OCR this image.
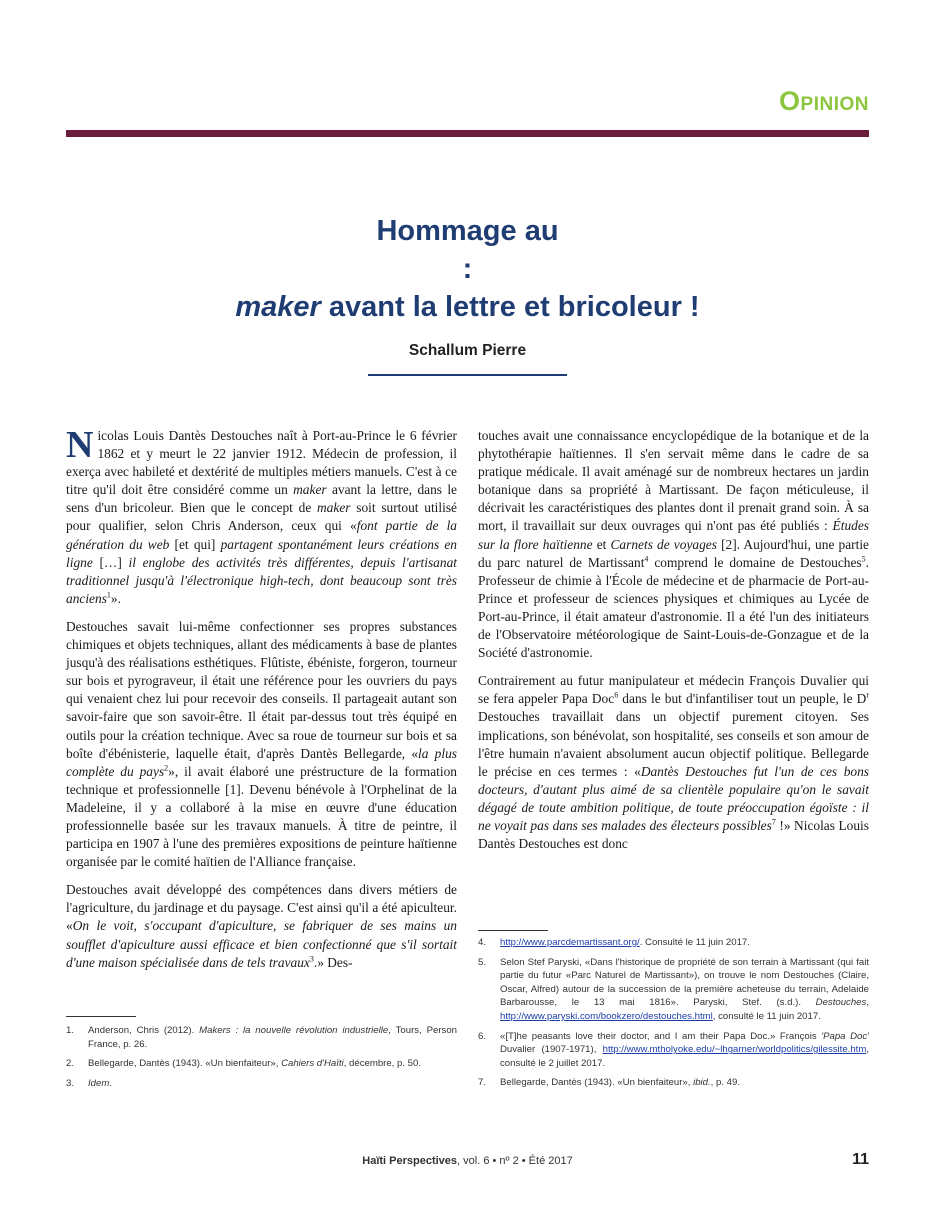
Opinion
Hommage au
:
maker avant la lettre et bricoleur !
Schallum Pierre

Nicolas Louis Dantès Destouches naît à Port-au-Prince le 6 février 1862 et y meurt le 22 janvier 1912. Médecin de profession, il exerça avec habileté et dextérité de multiples métiers manuels. C'est à ce titre qu'il doit être considéré comme un maker avant la lettre, dans le sens d'un bricoleur. Bien que le concept de maker soit surtout utilisé pour qualifier, selon Chris Anderson, ceux qui «font partie de la génération du web [et qui] partagent spontanément leurs créations en ligne […] il englobe des activités très différentes, depuis l'artisanat traditionnel jusqu'à l'électronique high-tech, dont beaucoup sont très anciens$^1$».

Destouches savait lui-même confectionner ses propres substances chimiques et objets techniques, allant des médicaments à base de plantes jusqu'à des réalisations esthétiques. Flûtiste, ébéniste, forgeron, tourneur sur bois et pyrograveur, il était une référence pour les ouvriers du pays qui venaient chez lui pour recevoir des conseils. Il partageait autant son savoir-faire que son savoir-être. Il était par-dessus tout très équipé en outils pour la création technique. Avec sa roue de tourneur sur bois et sa boîte d'ébénisterie, laquelle était, d'après Dantès Bellegarde, «la plus complète du pays$^2$», il avait élaboré une préstructure de la formation technique et professionnelle [1]. Devenu bénévole à l'Orphelinat de la Madeleine, il y a collaboré à la mise en œuvre d'une éducation professionnelle basée sur les travaux manuels. À titre de peintre, il participa en 1907 à l'une des premières expositions de peinture haïtienne organisée par le comité haïtien de l'Alliance française.

Destouches avait développé des compétences dans divers métiers de l'agriculture, du jardinage et du paysage. C'est ainsi qu'il a été apiculteur. «On le voit, s'occupant d'apiculture, se fabriquer de ses mains un soufflet d'apiculture aussi efficace et bien confectionné que s'il sortait d'une maison spécialisée dans de tels travaux$^3$.» Des-

touches avait une connaissance encyclopédique de la botanique et de la phytothérapie haïtiennes. Il s'en servait même dans le cadre de sa pratique médicale. Il avait aménagé sur de nombreux hectares un jardin botanique dans sa propriété à Martissant. De façon méticuleuse, il décrivait les caractéristiques des plantes dont il prenait grand soin. À sa mort, il travaillait sur deux ouvrages qui n'ont pas été publiés : Études sur la flore haïtienne et Carnets de voyages [2]. Aujourd'hui, une partie du parc naturel de Martissant$^4$ comprend le domaine de Destouches$^5$. Professeur de chimie à l'École de médecine et de pharmacie de Port-au-Prince et professeur de sciences physiques et chimiques au Lycée de Port-au-Prince, il était amateur d'astronomie. Il a été l'un des initiateurs de l'Observatoire météorologique de Saint-Louis-de-Gonzague et de la Société d'astronomie.

Contrairement au futur manipulateur et médecin François Duvalier qui se fera appeler Papa Doc$^6$ dans le but d'infantiliser tout un peuple, le $D^r$ Destouches travaillait dans un objectif purement citoyen. Ses implications, son bénévolat, son hospitalité, ses conseils et son amour de l'être humain n'avaient absolument aucun objectif politique. Bellegarde le précise en ces termes : «Dantès Destouches fut l'un de ces bons docteurs, d'autant plus aimé de sa clientèle populaire qu'on le savait dégagé de toute ambition politique, de toute préoccupation égoïste : il ne voyait pas dans ses malades des électeurs possibles$^7$ !» Nicolas Louis Dantès Destouches est donc

1.	Anderson, Chris (2012). Makers : la nouvelle révolution industrielle, Tours, Person France, p. 26.
2.	Bellegarde, Dantès (1943). «Un bienfaiteur», Cahiers d'Haïti, décembre, p. 50.
3.	Idem.
4.	http://www.parcdemartissant.org/. Consulté le 11 juin 2017.
5.	Selon Stef Paryski, «Dans l'historique de propriété de son terrain à Martissant (qui fait partie du futur «Parc Naturel de Martissant»), on trouve le nom Destouches (Claire, Oscar, Alfred) autour de la succession de la première acheteuse du terrain, Adelaide Barbarousse, le 13 mai 1816». Paryski, Stef. (s.d.). Destouches, http://www.paryski.com/bookzero/destouches.html, consulté le 11 juin 2017.
6.	«[T]he peasants love their doctor, and I am their Papa Doc.» François 'Papa Doc' Duvalier (1907-1971), http://www.mtholyoke.edu/~lhgarner/worldpolitics/gilessite.htm, consulté le 2 juillet 2017.
7.	Bellegarde, Dantès (1943). «Un bienfaiteur», ibid., p. 49.
Haïti Perspectives, vol. 6 • nº 2 • Été 2017	11
